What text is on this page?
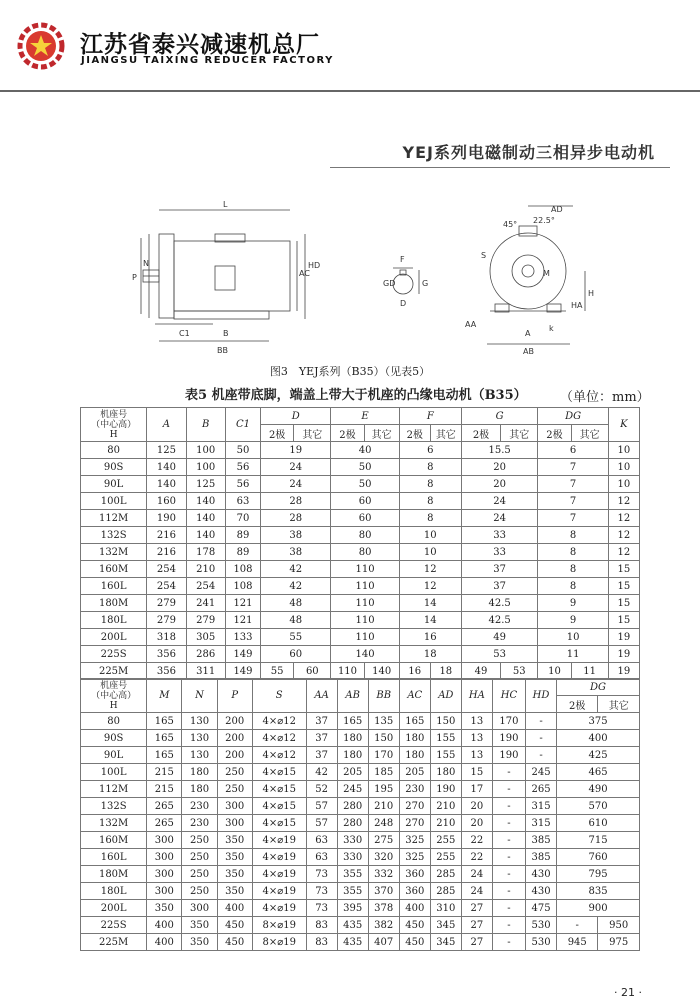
江苏省泰兴减速机总厂
JIANGSU TAIXING REDUCER FACTORY
YEJ系列电磁制动三相异步电动机
L
P
N
AC
HD
C1	B
BB
F
GD	G
D
AD
45° 22.5°
S
M
H
HA
AA
A
k
AB
图3　YEJ系列（B35）（见表5）
表5 机座带底脚，端盖上带大于机座的凸缘电动机（B35）	（单位：mm）
机座号
（中心高）
H	A	B	C1	D		E		F		G		DG		K
				2极	其它	2极	其它	2极	其它	2极	其它	2极	其它	
80	125	100	50	19		40		6		15.5		6		10
90S	140	100	56	24		50		8		20		7		10
90L	140	125	56	24		50		8		20		7		10
100L	160	140	63	28		60		8		24		7		12
112M	190	140	70	28		60		8		24		7		12
132S	216	140	89	38		80		10		33		8		12
132M	216	178	89	38		80		10		33		8		12
160M	254	210	108	42		110		12		37		8		15
160L	254	254	108	42		110		12		37		8		15
180M	279	241	121	48		110		14		42.5		9		15
180L	279	279	121	48		110		14		42.5		9		15
200L	318	305	133	55		110		16		49		10		19
225S	356	286	149	60		140		18		53		11		19
225M	356	311	149	55	60	110	140	16	18	49	53	10	11	19
机座号
（中心高）
H	M	N	P	S	AA	AB	BB	AC	AD	HA	HC	HD	DG	
													2极	其它
80	165	130	200	4×⌀12	37	165	135	165	150	13	170	-	375	
90S	165	130	200	4×⌀12	37	180	150	180	155	13	190	-	400	
90L	165	130	200	4×⌀12	37	180	170	180	155	13	190	-	425	
100L	215	180	250	4×⌀15	42	205	185	205	180	15	-	245	465	
112M	215	180	250	4×⌀15	52	245	195	230	190	17	-	265	490	
132S	265	230	300	4×⌀15	57	280	210	270	210	20	-	315	570	
132M	265	230	300	4×⌀15	57	280	248	270	210	20	-	315	610	
160M	300	250	350	4×⌀19	63	330	275	325	255	22	-	385	715	
160L	300	250	350	4×⌀19	63	330	320	325	255	22	-	385	760	
180M	300	250	350	4×⌀19	73	355	332	360	285	24	-	430	795	
180L	300	250	350	4×⌀19	73	355	370	360	285	24	-	430	835	
200L	350	300	400	4×⌀19	73	395	378	400	310	27	-	475	900	
225S	400	350	450	8×⌀19	83	435	382	450	345	27	-	530	-	950
225M	400	350	450	8×⌀19	83	435	407	450	345	27	-	530	945	975
· 21 ·
